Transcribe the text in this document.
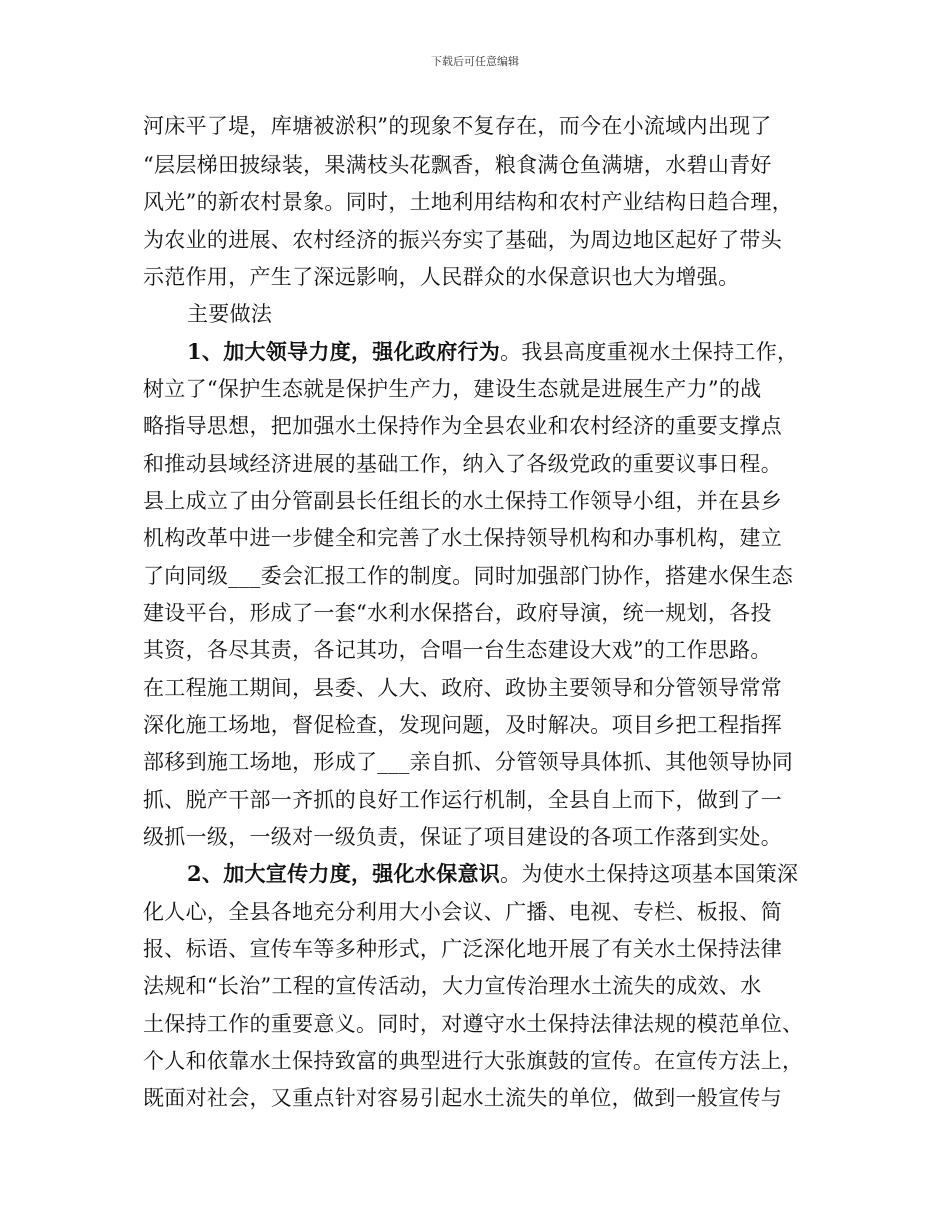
下载后可任意编辑
河床平了堤，库塘被淤积”的现象不复存在，而今在小流域内出现了
“层层梯田披绿装，果满枝头花飘香，粮食满仓鱼满塘，水碧山青好
风光”的新农村景象。同时，土地利用结构和农村产业结构日趋合理，
为农业的进展、农村经济的振兴夯实了基础，为周边地区起好了带头
示范作用，产生了深远影响，人民群众的水保意识也大为增强。
主要做法
1、加大领导力度，强化政府行为。我县高度重视水土保持工作，
树立了“保护生态就是保护生产力，建设生态就是进展生产力”的战
略指导思想，把加强水土保持作为全县农业和农村经济的重要支撑点
和推动县域经济进展的基础工作，纳入了各级党政的重要议事日程。
县上成立了由分管副县长任组长的水土保持工作领导小组，并在县乡
机构改革中进一步健全和完善了水土保持领导机构和办事机构，建立
了向同级___委会汇报工作的制度。同时加强部门协作，搭建水保生态
建设平台，形成了一套“水利水保搭台，政府导演，统一规划，各投
其资，各尽其责，各记其功，合唱一台生态建设大戏”的工作思路。
在工程施工期间，县委、人大、政府、政协主要领导和分管领导常常
深化施工场地，督促检查，发现问题，及时解决。项目乡把工程指挥
部移到施工场地，形成了___亲自抓、分管领导具体抓、其他领导协同
抓、脱产干部一齐抓的良好工作运行机制，全县自上而下，做到了一
级抓一级，一级对一级负责，保证了项目建设的各项工作落到实处。
2、加大宣传力度，强化水保意识。为使水土保持这项基本国策深
化人心，全县各地充分利用大小会议、广播、电视、专栏、板报、简
报、标语、宣传车等多种形式，广泛深化地开展了有关水土保持法律
法规和“长治”工程的宣传活动，大力宣传治理水土流失的成效、水
土保持工作的重要意义。同时，对遵守水土保持法律法规的模范单位、
个人和依靠水土保持致富的典型进行大张旗鼓的宣传。在宣传方法上，
既面对社会，又重点针对容易引起水土流失的单位，做到一般宣传与
